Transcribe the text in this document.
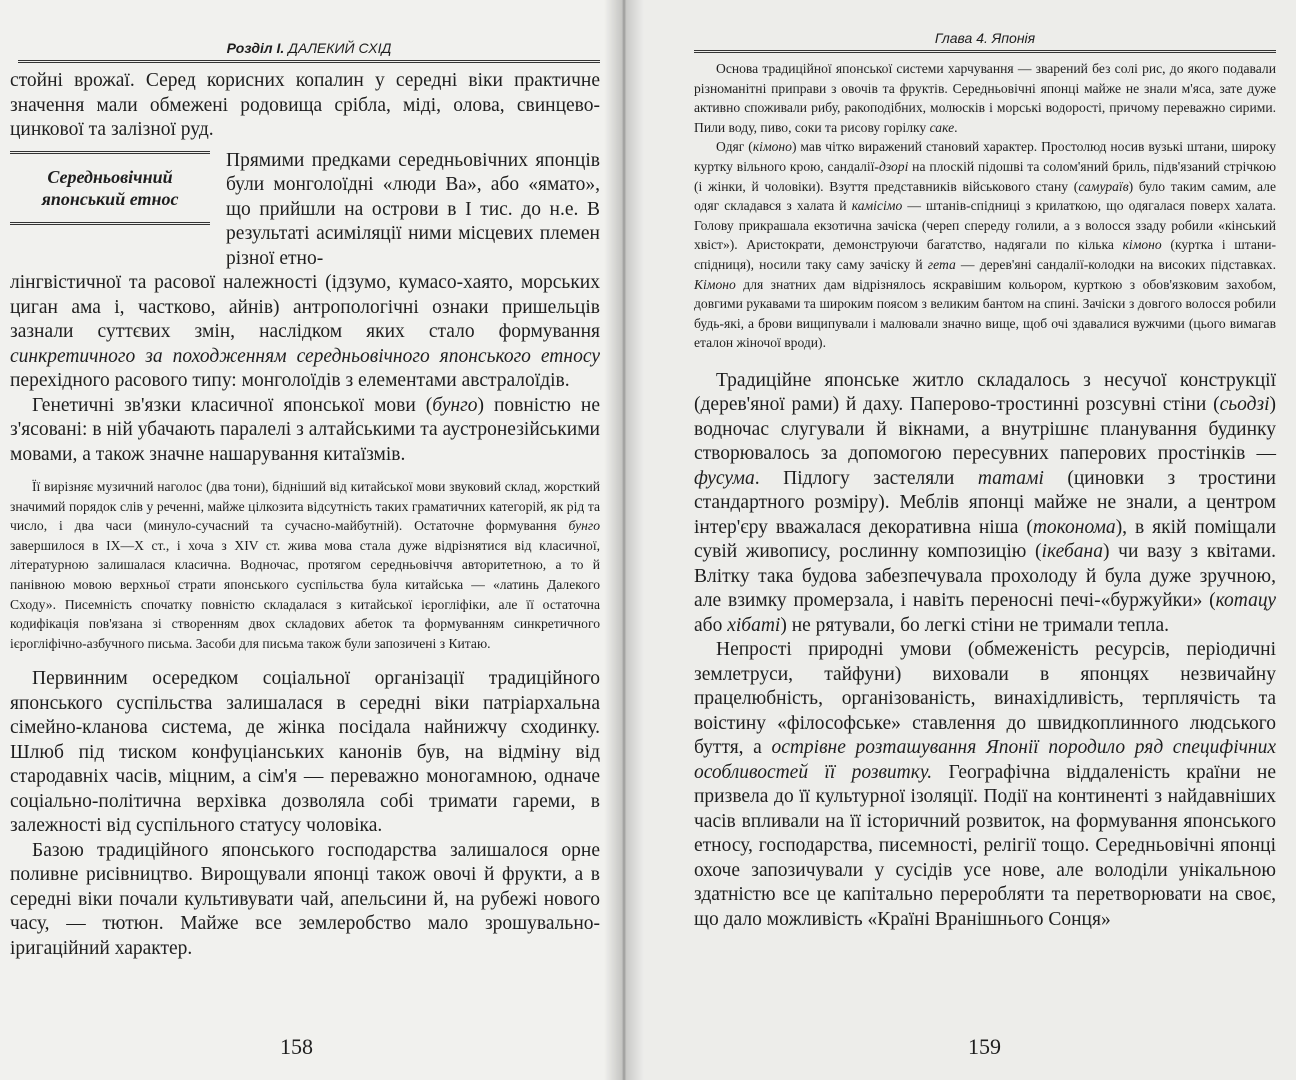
Розділ I. ДАЛЕКИЙ СХІД

стойні врожаї. Серед корисних копалин у середні віки практичне значення мали обмежені родовища срібла, міді, олова, свинцево-цинкової та залізної руд.

Середньовічний японський етнос

Прямими предками середньовічних японців були монголоїдні «люди Ва», або «ямато», що прийшли на острови в І тис. до н.е. В результаті асиміляції ними місцевих племен різної етно-

лінгвістичної та расової належності (ідзумо, кумасо-хаято, морських циган ама і, частково, айнів) антропологічні ознаки пришельців зазнали суттєвих змін, наслідком яких стало формування синкретичного за походженням середньовічного японського етносу перехідного расового типу: монголоїдів з елементами австралоїдів.

Генетичні зв'язки класичної японської мови (бунго) повністю не з'ясовані: в ній убачають паралелі з алтайськими та аустронезійськими мовами, а також значне нашарування китаїзмів.

Її вирізняє музичний наголос (два тони), бідніший від китайської мови звуковий склад, жорсткий значимий порядок слів у реченні, майже цілкозита відсутність таких граматичних категорій, як рід та число, і два часи (минуло-сучасний та сучасно-майбутній). Остаточне формування бунго завершилося в IX—X ст., і хоча з XIV ст. жива мова стала дуже відрізнятися від класичної, літературною залишалася класична. Водночас, протягом середньовіччя авторитетною, а то й панівною мовою верхньої страти японського суспільства була китайська — «латинь Далекого Сходу». Писемність спочатку повністю складалася з китайської ієрогліфіки, але її остаточна кодифікація пов'язана зі створенням двох складових абеток та формуванням синкретичного ієрогліфічно-азбучного письма. Засоби для письма також були запозичені з Китаю.

Первинним осередком соціальної організації традиційного японського суспільства залишалася в середні віки патріархальна сімейно-кланова система, де жінка посідала найнижчу сходинку. Шлюб під тиском конфуціанських канонів був, на відміну від стародавніх часів, міцним, а сім'я — переважно моногамною, одначе соціально-політична верхівка дозволяла собі тримати гареми, в залежності від суспільного статусу чоловіка.

Базою традиційного японського господарства залишалося орне поливне рисівництво. Вирощували японці також овочі й фрукти, а в середні віки почали культивувати чай, апельсини й, на рубежі нового часу, — тютюн. Майже все землеробство мало зрошувально-іригаційний характер.

158
Глава 4. Японія

Основа традиційної японської системи харчування — зварений без солі рис, до якого подавали різноманітні приправи з овочів та фруктів. Середньовічні японці майже не знали м'яса, зате дуже активно споживали рибу, ракоподібних, молюсків і морські водорості, причому переважно сирими. Пили воду, пиво, соки та рисову горілку саке.

Одяг (кімоно) мав чітко виражений становий характер. Простолюд носив вузькі штани, широку куртку вільного крою, сандалії-дзорі на плоскій підошві та солом'яний бриль, підв'язаний стрічкою (і жінки, й чоловіки). Взуття представників військового стану (самураїв) було таким самим, але одяг складався з халата й камісімо — штанів-спідниці з крилаткою, що одягалася поверх халата. Голову прикрашала екзотична зачіска (череп спереду голили, а з волосся ззаду робили «кінський хвіст»). Аристократи, демонструючи багатство, надягали по кілька кімоно (куртка і штани-спідниця), носили таку саму зачіску й гета — дерев'яні сандалії-колодки на високих підставках. Кімоно для знатних дам відрізнялось яскравішим кольором, курткою з обов'язковим захобом, довгими рукавами та широким поясом з великим бантом на спині. Зачіски з довгого волосся робили будь-які, а брови вищипували і малювали значно вище, щоб очі здавалися вужчими (цього вимагав еталон жіночої вроди).

Традиційне японське житло складалось з несучої конструкції (дерев'яної рами) й даху. Паперово-тростинні розсувні стіни (сьодзі) водночас слугували й вікнами, а внутрішнє планування будинку створювалось за допомогою пересувних паперових простінків — фусума. Підлогу застеляли татамі (циновки з тростини стандартного розміру). Меблів японці майже не знали, а центром інтер'єру вважалася декоративна ніша (токонома), в якій поміщали сувій живопису, рослинну композицію (ікебана) чи вазу з квітами. Влітку така будова забезпечувала прохолоду й була дуже зручною, але взимку промерзала, і навіть переносні печі-«буржуйки» (котацу або хібаті) не рятували, бо легкі стіни не тримали тепла.

Непрості природні умови (обмеженість ресурсів, періодичні землетруси, тайфуни) виховали в японцях незвичайну працелюбність, організованість, винахідливість, терплячість та воістину «філософське» ставлення до швидкоплинного людського буття, а острівне розташування Японії породило ряд специфічних особливостей її розвитку. Географічна віддаленість країни не призвела до її культурної ізоляції. Події на континенті з найдавніших часів впливали на її історичний розвиток, на формування японського етносу, господарства, писемності, релігії тощо. Середньовічні японці охоче запозичували у сусідів усе нове, але володіли унікальною здатністю все це капітально переробляти та перетворювати на своє, що дало можливість «Країні Вранішнього Сонця»

159
